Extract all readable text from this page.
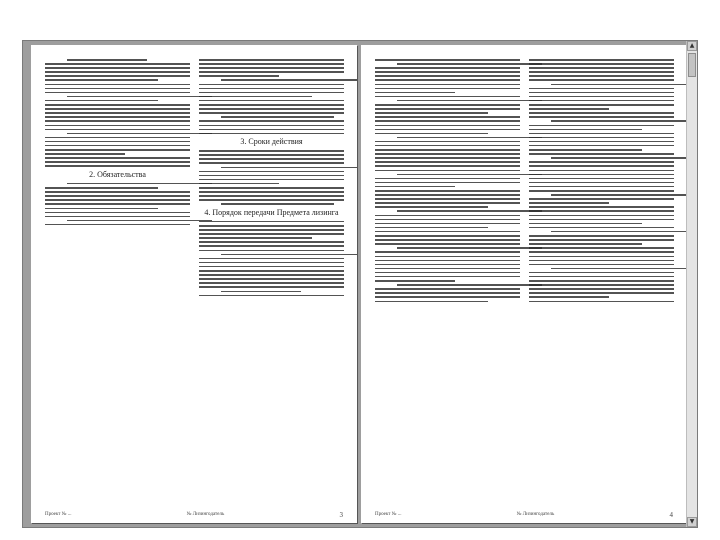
2. Обязательства
3. Сроки действия
4. Порядок передачи Предмета лизинга
Проект № ...	№ Лизингодатель	3	Проект № ...	№ Лизингодатель	4
▲
▼
